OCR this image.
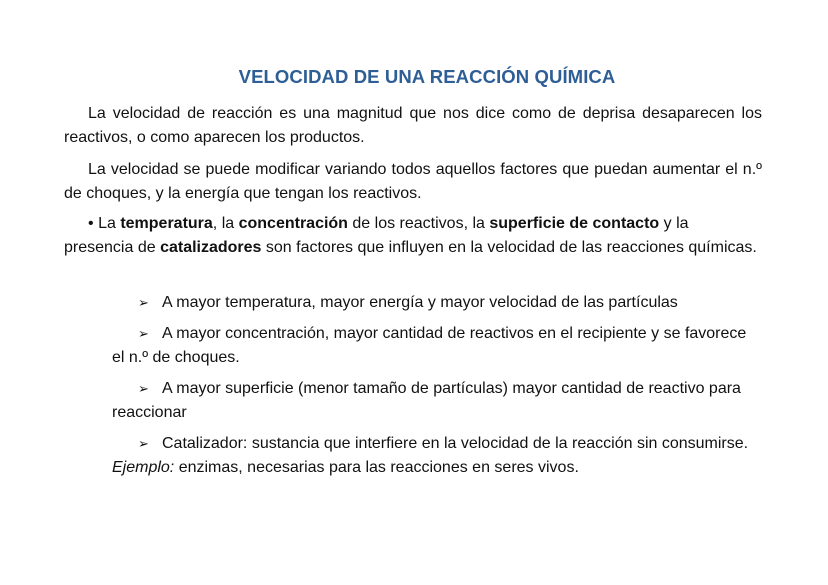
VELOCIDAD DE UNA REACCIÓN QUÍMICA

La velocidad de reacción es una magnitud que nos dice como de deprisa desaparecen los reactivos, o como aparecen los productos.

La velocidad se puede modificar variando todos aquellos factores que puedan aumentar el n.º de choques, y la energía que tengan los reactivos.

• La temperatura, la concentración de los reactivos, la superficie de contacto y la presencia de catalizadores son factores que influyen en la velocidad de las reacciones químicas.

➢ A mayor temperatura, mayor energía y mayor velocidad de las partículas
➢ A mayor concentración, mayor cantidad de reactivos en el recipiente y se favorece el n.º de choques.
➢ A mayor superficie (menor tamaño de partículas) mayor cantidad de reactivo para reaccionar
➢ Catalizador: sustancia que interfiere en la velocidad de la reacción sin consumirse. Ejemplo: enzimas, necesarias para las reacciones en seres vivos.
